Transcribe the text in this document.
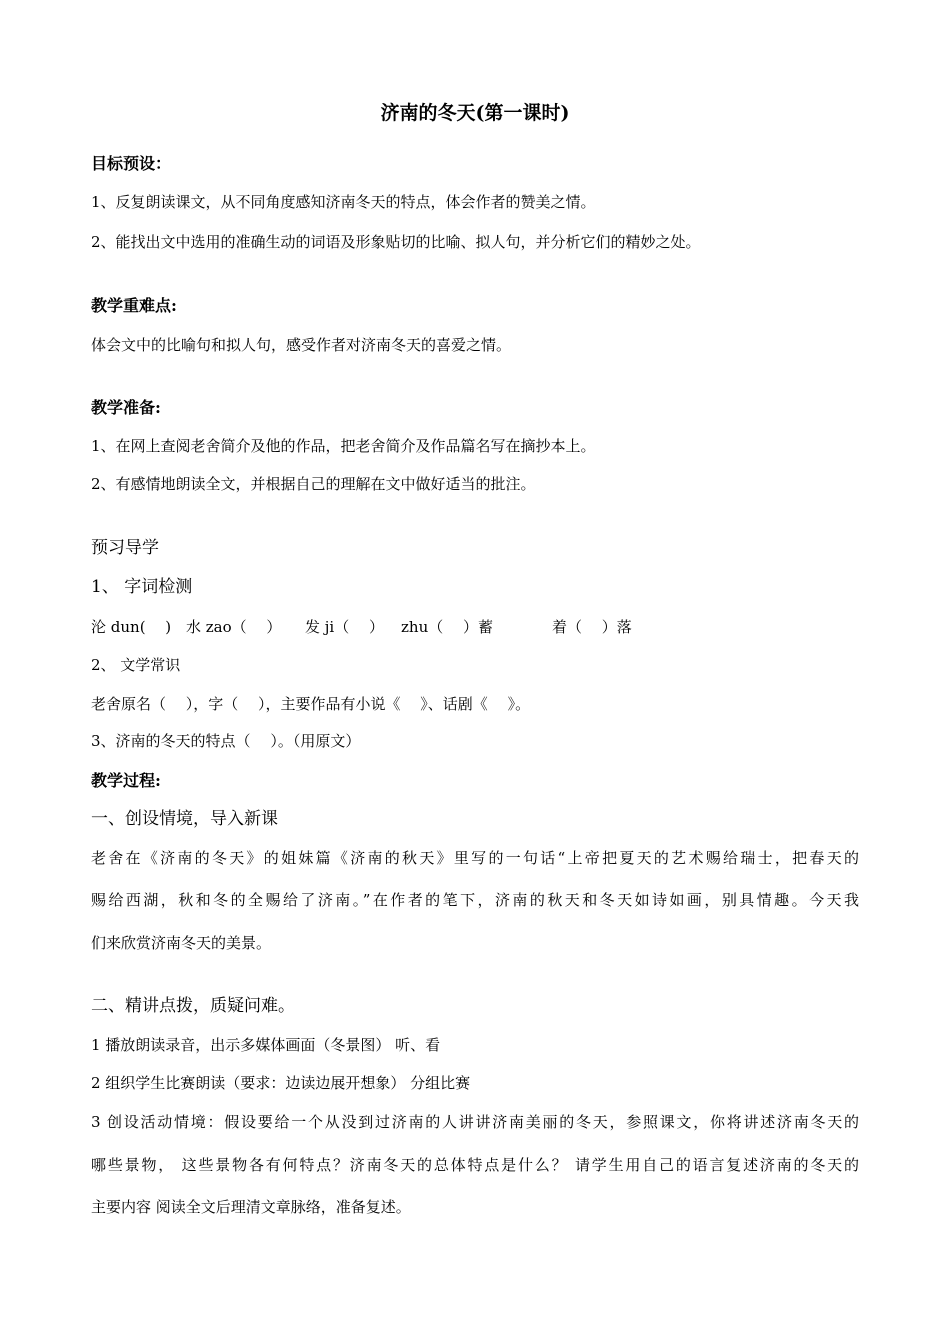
济南的冬天(第一课时)
目标预设：
1、反复朗读课文，从不同角度感知济南冬天的特点，体会作者的赞美之情。
2、能找出文中选用的准确生动的词语及形象贴切的比喻、拟人句，并分析它们的精妙之处。
教学重难点:
体会文中的比喻句和拟人句，感受作者对济南冬天的喜爱之情。
教学准备:
1、在网上查阅老舍简介及他的作品，把老舍简介及作品篇名写在摘抄本上。
2、有感情地朗读全文，并根据自己的理解在文中做好适当的批注。
预习导学
1、 字词检测
沦 dun(　 ) 水 zao（　 ） 发 ji（　 ） zhu（　 ）蓄	着（　 ）落
2、 文学常识
老舍原名（　 ），字（　 ），主要作品有小说《　 》、话剧《　 》。
3、济南的冬天的特点（　 ）。（用原文）
教学过程:
一、创设情境，导入新课
老舍在《济南的冬天》的姐妹篇《济南的秋天》里写的一句话“上帝把夏天的艺术赐给瑞士，把春天的
赐给西湖，秋和冬的全赐给了济南。”在作者的笔下，济南的秋天和冬天如诗如画，别具情趣。今天我
们来欣赏济南冬天的美景。
二、精讲点拨，质疑问难。
1 播放朗读录音，出示多媒体画面（冬景图） 听、看
2 组织学生比赛朗读（要求：边读边展开想象） 分组比赛
3 创设活动情境：假设要给一个从没到过济南的人讲讲济南美丽的冬天，参照课文，你将讲述济南冬天的
哪些景物， 这些景物各有何特点？济南冬天的总体特点是什么？ 请学生用自己的语言复述济南的冬天的
主要内容 阅读全文后理清文章脉络，准备复述。
